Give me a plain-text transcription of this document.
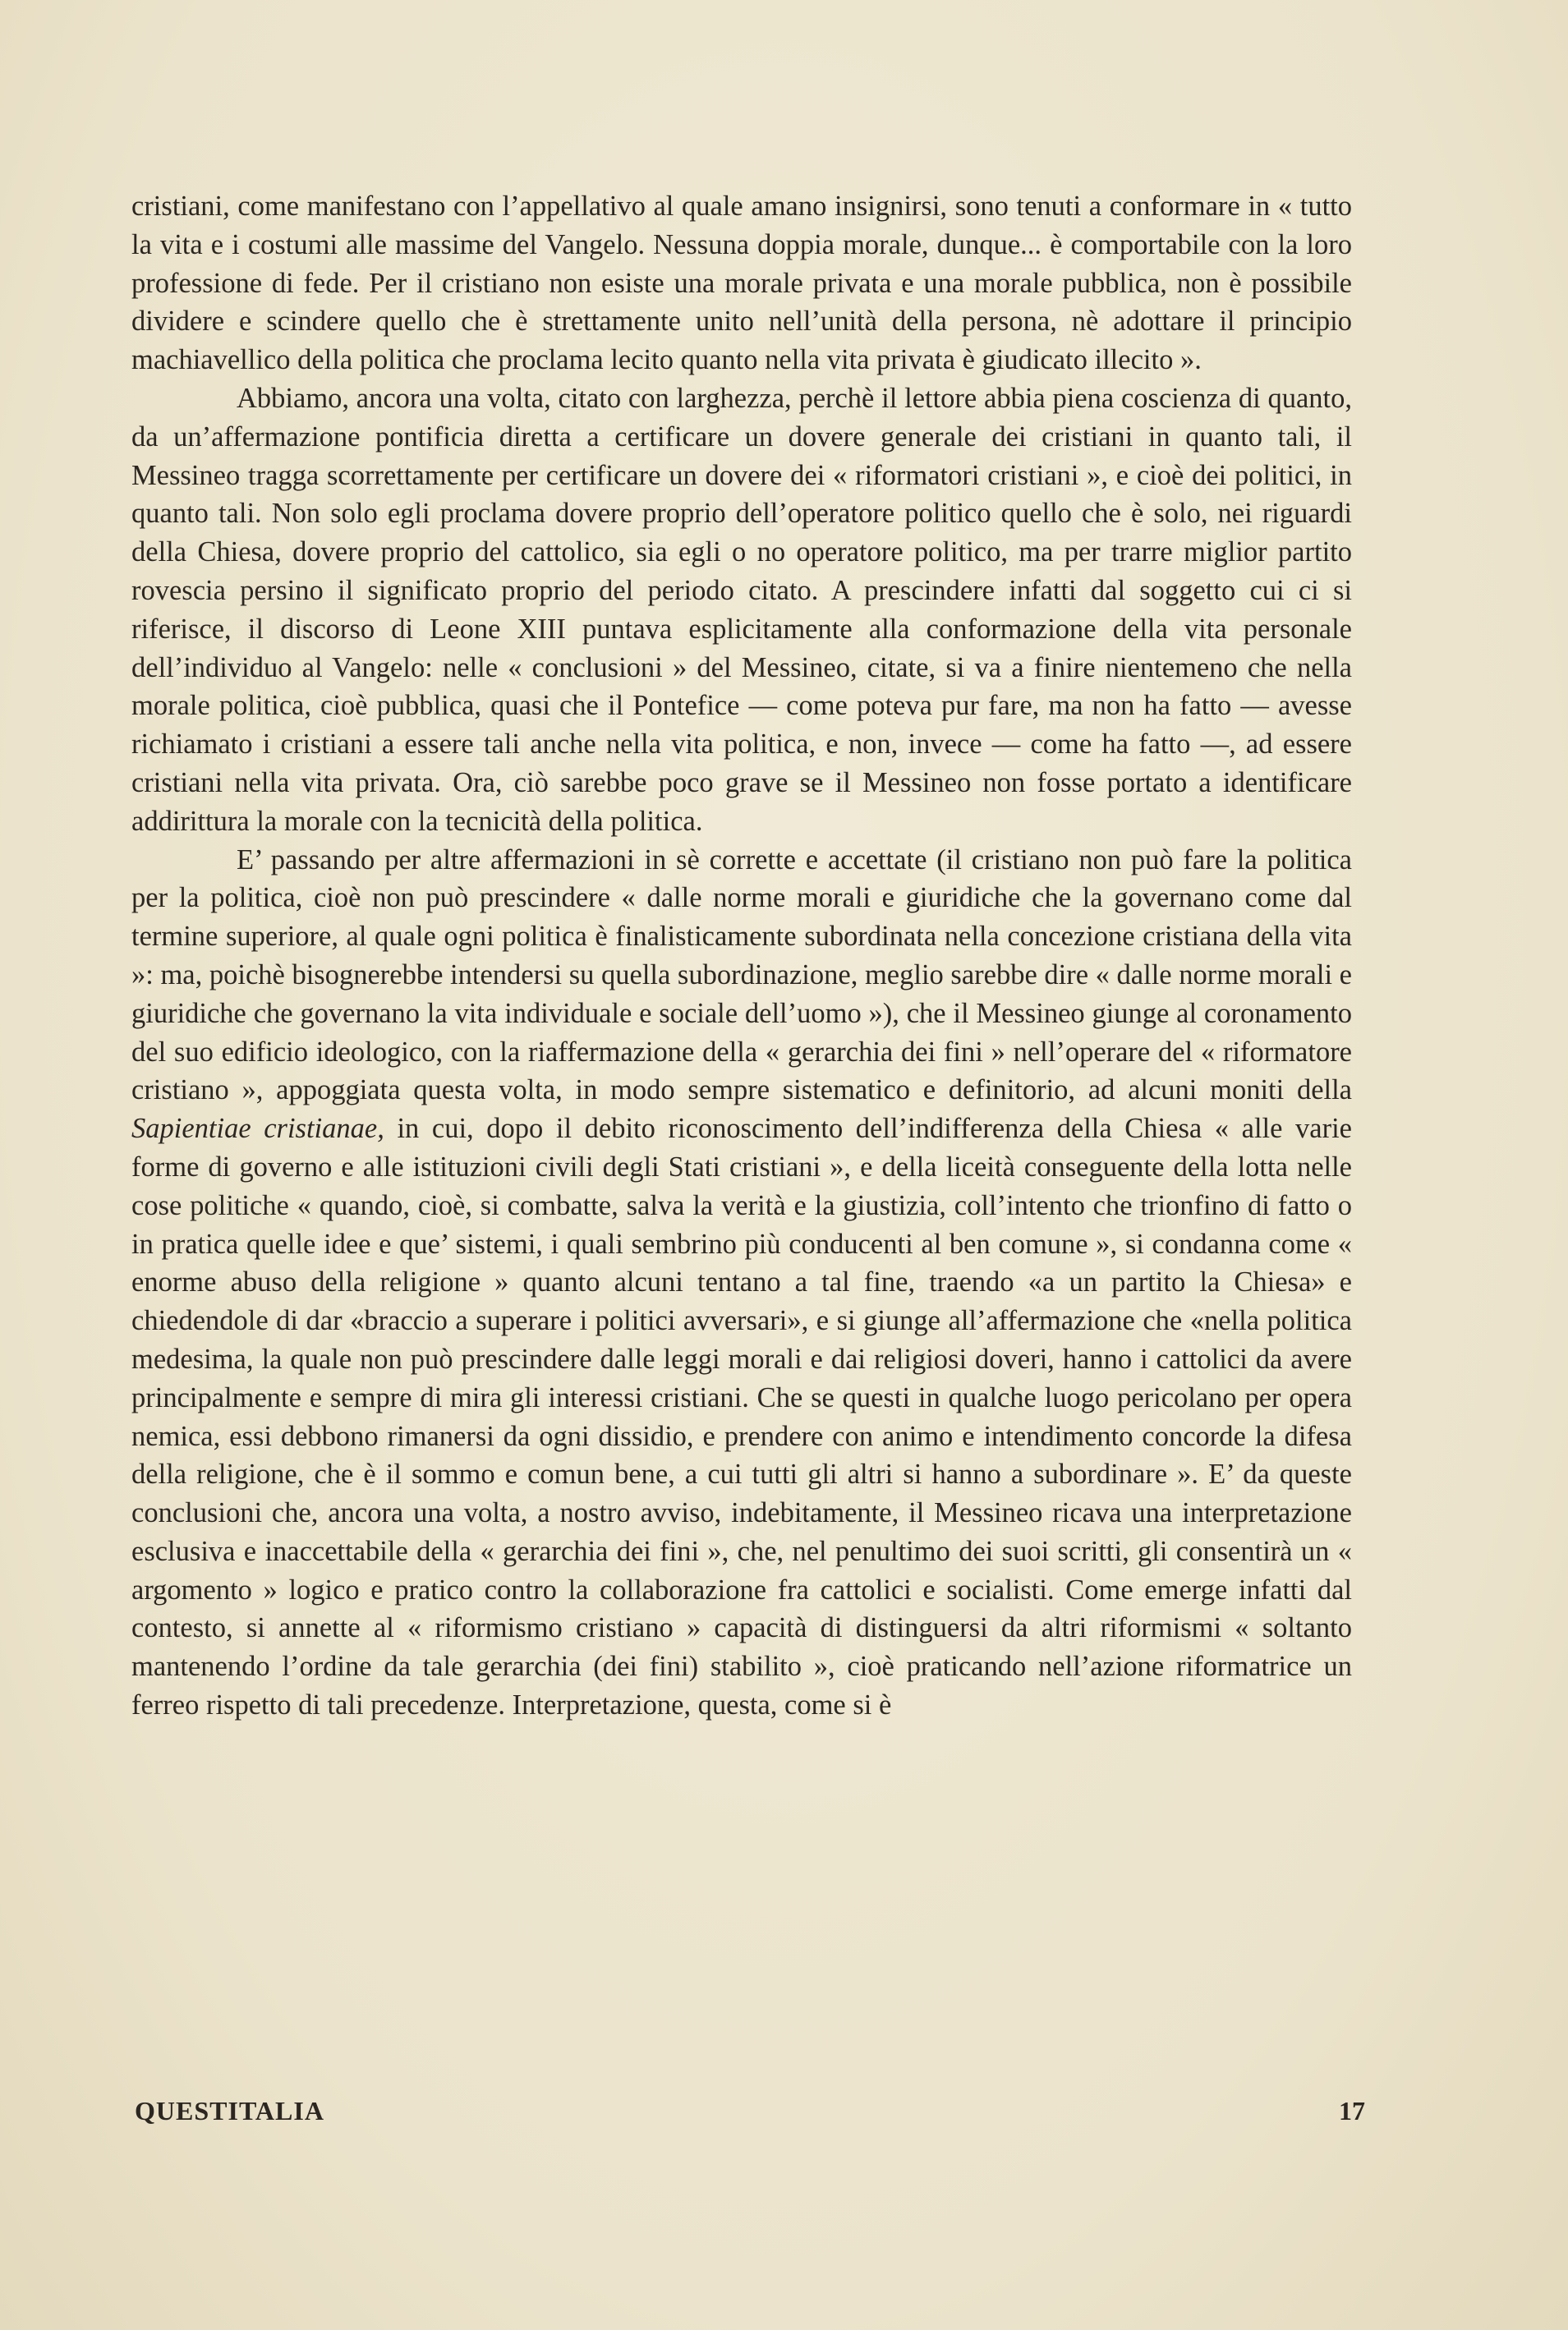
cristiani, come manifestano con l’appellativo al quale amano insignirsi, sono tenuti a conformare in « tutto la vita e i costumi alle massime del Vangelo. Nessuna doppia morale, dunque... è comportabile con la loro professione di fede. Per il cristiano non esiste una morale privata e una morale pubblica, non è possibile dividere e scindere quello che è strettamente unito nell’unità della persona, nè adottare il principio machiavellico della politica che proclama lecito quanto nella vita privata è giudicato illecito ».

Abbiamo, ancora una volta, citato con larghezza, perchè il lettore abbia piena coscienza di quanto, da un’affermazione pontificia diretta a certificare un dovere generale dei cristiani in quanto tali, il Messineo tragga scorrettamente per certificare un dovere dei « riformatori cristiani », e cioè dei politici, in quanto tali. Non solo egli proclama dovere proprio dell’operatore politico quello che è solo, nei riguardi della Chiesa, dovere proprio del cattolico, sia egli o no operatore politico, ma per trarre miglior partito rovescia persino il significato proprio del periodo citato. A prescindere infatti dal soggetto cui ci si riferisce, il discorso di Leone XIII puntava esplicitamente alla conformazione della vita personale dell’individuo al Vangelo: nelle « conclusioni » del Messineo, citate, si va a finire nientemeno che nella morale politica, cioè pubblica, quasi che il Pontefice — come poteva pur fare, ma non ha fatto — avesse richiamato i cristiani a essere tali anche nella vita politica, e non, invece — come ha fatto —, ad essere cristiani nella vita privata. Ora, ciò sarebbe poco grave se il Messineo non fosse portato a identificare addirittura la morale con la tecnicità della politica.

E’ passando per altre affermazioni in sè corrette e accettate (il cristiano non può fare la politica per la politica, cioè non può prescindere « dalle norme morali e giuridiche che la governano come dal termine superiore, al quale ogni politica è finalisticamente subordinata nella concezione cristiana della vita »: ma, poichè bisognerebbe intendersi su quella subordinazione, meglio sarebbe dire « dalle norme morali e giuridiche che governano la vita individuale e sociale dell’uomo »), che il Messineo giunge al coronamento del suo edificio ideologico, con la riaffermazione della « gerarchia dei fini » nell’operare del « riformatore cristiano », appoggiata questa volta, in modo sempre sistematico e definitorio, ad alcuni moniti della Sapientiae cristianae, in cui, dopo il debito riconoscimento dell’indifferenza della Chiesa « alle varie forme di governo e alle istituzioni civili degli Stati cristiani », e della liceità conseguente della lotta nelle cose politiche « quando, cioè, si combatte, salva la verità e la giustizia, coll’intento che trionfino di fatto o in pratica quelle idee e que’ sistemi, i quali sembrino più conducenti al ben comune », si condanna come « enorme abuso della religione » quanto alcuni tentano a tal fine, traendo «a un partito la Chiesa» e chiedendole di dar «braccio a superare i politici avversari», e si giunge all’affermazione che «nella politica medesima, la quale non può prescindere dalle leggi morali e dai religiosi doveri, hanno i cattolici da avere principalmente e sempre di mira gli interessi cristiani. Che se questi in qualche luogo pericolano per opera nemica, essi debbono rimanersi da ogni dissidio, e prendere con animo e intendimento concorde la difesa della religione, che è il sommo e comun bene, a cui tutti gli altri si hanno a subordinare ». E’ da queste conclusioni che, ancora una volta, a nostro avviso, indebitamente, il Messineo ricava una interpretazione esclusiva e inaccettabile della « gerarchia dei fini », che, nel penultimo dei suoi scritti, gli consentirà un « argomento » logico e pratico contro la collaborazione fra cattolici e socialisti. Come emerge infatti dal contesto, si annette al « riformismo cristiano » capacità di distinguersi da altri riformismi « soltanto mantenendo l’ordine da tale gerarchia (dei fini) stabilito », cioè praticando nell’azione riformatrice un ferreo rispetto di tali precedenze. Interpretazione, questa, come si è

QUESTITALIA	17
